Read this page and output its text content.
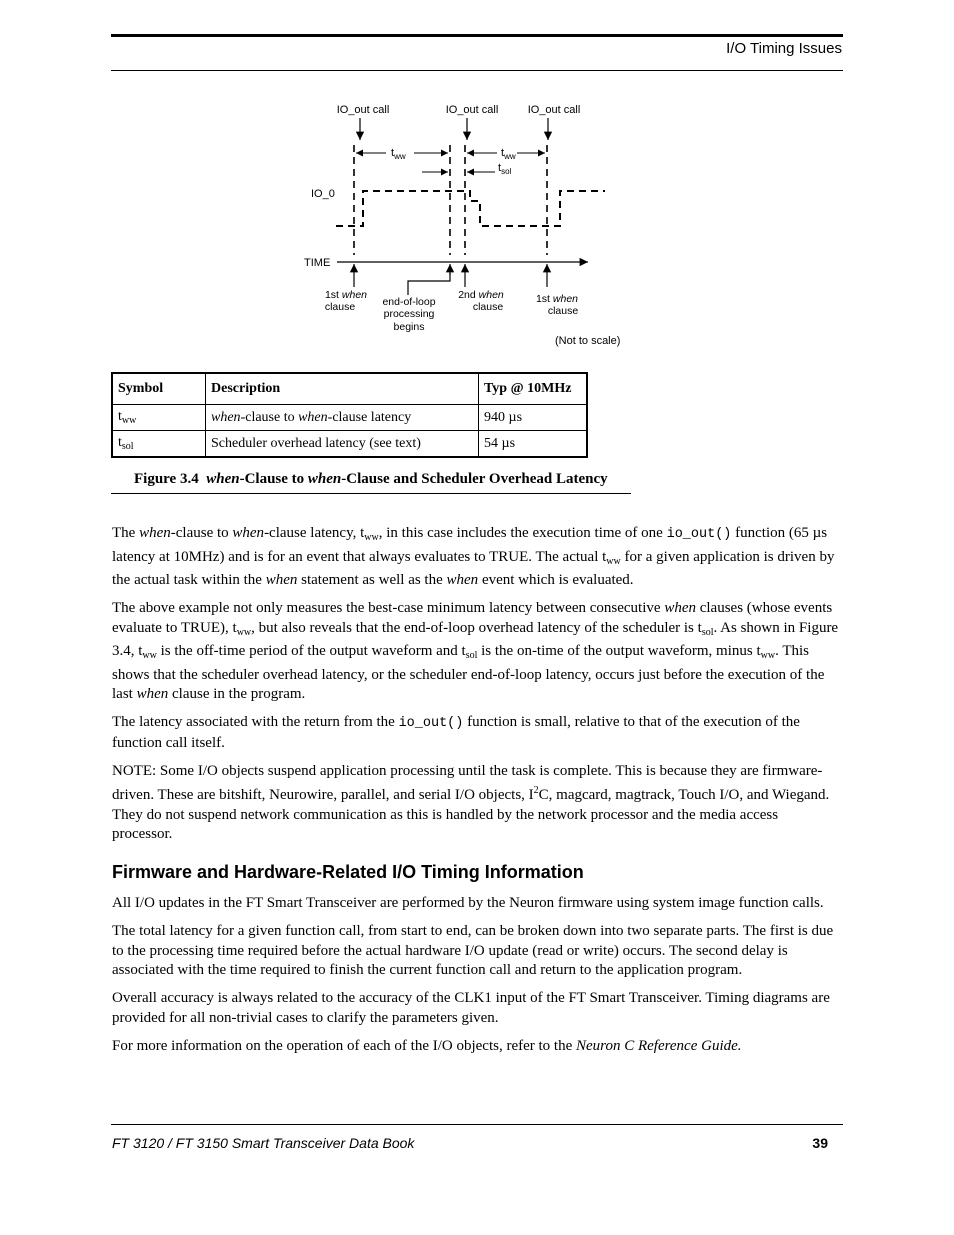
I/O Timing Issues
IO_out call	IO_out call	IO_out call
$t_{ww}$	$t_{ww}$
$t_{sol}$
IO_0
TIME
1st when
clause	end-of-loop
processing
begins
2nd when
clause
1st when
clause
(Not to scale)
Symbol	Description	Typ @ 10MHz
$t_{ww}$	when-clause to when-clause latency	940 µs
$t_{sol}$	Scheduler overhead latency (see text)	54 µs
Figure 3.4 when-Clause to when-Clause and Scheduler Overhead Latency

The when-clause to when-clause latency, $t_{ww}$, in this case includes the execution time of one io_out() function (65 µs latency at 10MHz) and is for an event that always evaluates to TRUE. The actual $t_{ww}$ for a given application is driven by the actual task within the when statement as well as the when event which is evaluated.

The above example not only measures the best-case minimum latency between consecutive when clauses (whose events evaluate to TRUE), $t_{ww}$, but also reveals that the end-of-loop overhead latency of the scheduler is $t_{sol}$. As shown in Figure 3.4, $t_{ww}$ is the off-time period of the output waveform and $t_{sol}$ is the on-time of the output waveform, minus $t_{ww}$. This shows that the scheduler overhead latency, or the scheduler end-of-loop latency, occurs just before the execution of the last when clause in the program.

The latency associated with the return from the io_out() function is small, relative to that of the execution of the function call itself.

NOTE: Some I/O objects suspend application processing until the task is complete. This is because they are firmware-driven. These are bitshift, Neurowire, parallel, and serial I/O objects, $I^2C$, magcard, magtrack, Touch I/O, and Wiegand. They do not suspend network communication as this is handled by the network processor and the media access processor.

Firmware and Hardware-Related I/O Timing Information

All I/O updates in the FT Smart Transceiver are performed by the Neuron firmware using system image function calls.

The total latency for a given function call, from start to end, can be broken down into two separate parts. The first is due to the processing time required before the actual hardware I/O update (read or write) occurs. The second delay is associated with the time required to finish the current function call and return to the application program.

Overall accuracy is always related to the accuracy of the CLK1 input of the FT Smart Transceiver. Timing diagrams are provided for all non-trivial cases to clarify the parameters given.

For more information on the operation of each of the I/O objects, refer to the Neuron C Reference Guide.

FT 3120 / FT 3150 Smart Transceiver Data Book	39
